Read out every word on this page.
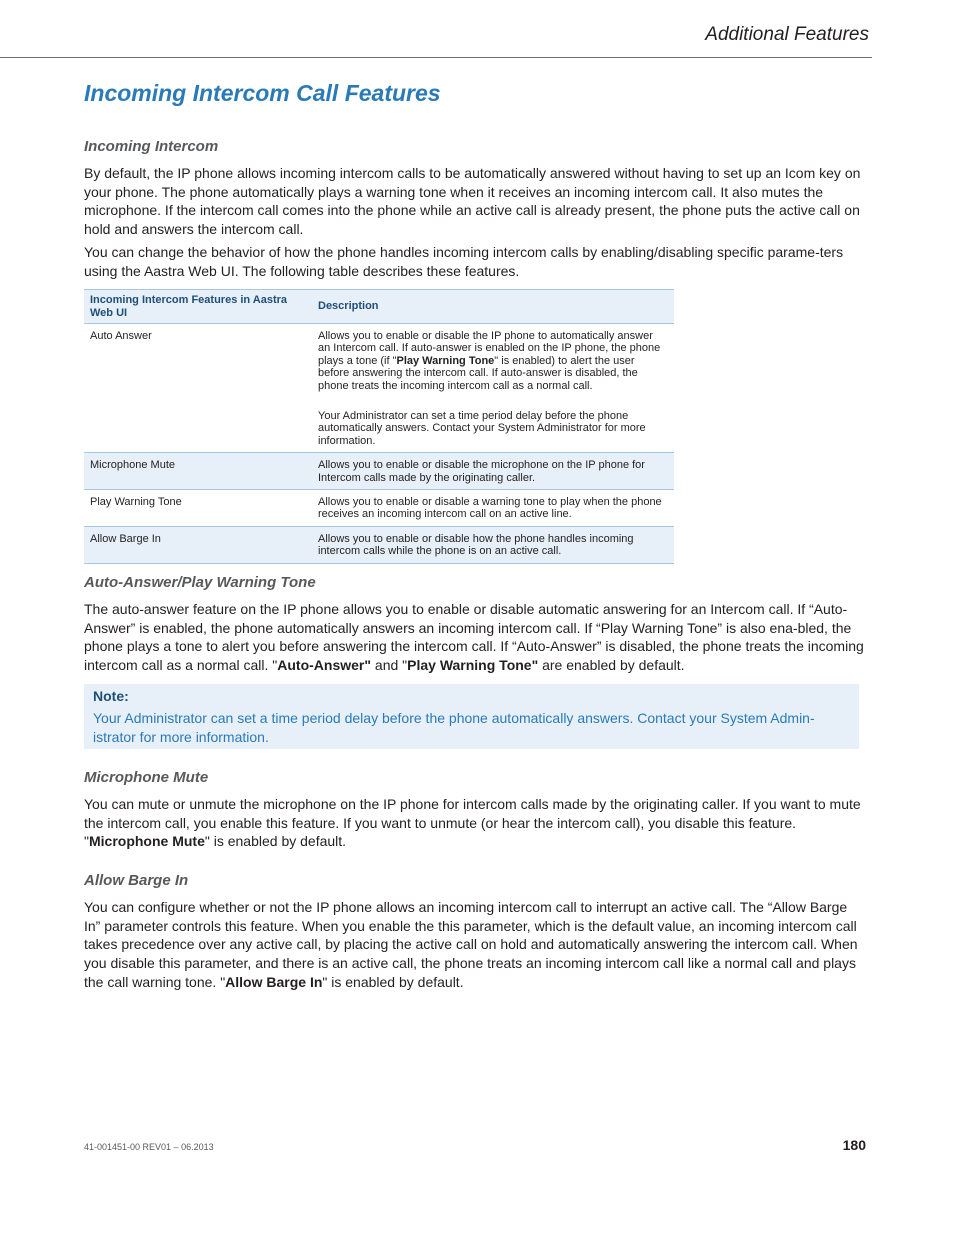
Additional Features
Incoming Intercom Call Features
Incoming Intercom

By default, the IP phone allows incoming intercom calls to be automatically answered without having to set up an Icom key on your phone. The phone automatically plays a warning tone when it receives an incoming intercom call. It also mutes the microphone. If the intercom call comes into the phone while an active call is already present, the phone puts the active call on hold and answers the intercom call.

You can change the behavior of how the phone handles incoming intercom calls by enabling/disabling specific parame-ters using the Aastra Web UI. The following table describes these features.

Incoming Intercom Features in Aastra Web UI	Description
Auto Answer	Allows you to enable or disable the IP phone to automatically answer an Intercom call. If auto-answer is enabled on the IP phone, the phone plays a tone (if "Play Warning Tone" is enabled) to alert the user before answering the intercom call. If auto-answer is disabled, the phone treats the incoming intercom call as a normal call.

Your Administrator can set a time period delay before the phone automatically answers. Contact your System Administrator for more information.

Microphone Mute	Allows you to enable or disable the microphone on the IP phone for Intercom calls made by the originating caller.
Play Warning Tone	Allows you to enable or disable a warning tone to play when the phone receives an incoming intercom call on an active line.
Allow Barge In	Allows you to enable or disable how the phone handles incoming intercom calls while the phone is on an active call.
Auto-Answer/Play Warning Tone

The auto-answer feature on the IP phone allows you to enable or disable automatic answering for an Intercom call. If “Auto-Answer” is enabled, the phone automatically answers an incoming intercom call. If “Play Warning Tone” is also ena-bled, the phone plays a tone to alert you before answering the intercom call. If “Auto-Answer” is disabled, the phone treats the incoming intercom call as a normal call. "Auto-Answer" and "Play Warning Tone" are enabled by default.

Note:

Your Administrator can set a time period delay before the phone automatically answers. Contact your System Admin-istrator for more information.

Microphone Mute

You can mute or unmute the microphone on the IP phone for intercom calls made by the originating caller. If you want to mute the intercom call, you enable this feature. If you want to unmute (or hear the intercom call), you disable this feature. "Microphone Mute" is enabled by default.

Allow Barge In

You can configure whether or not the IP phone allows an incoming intercom call to interrupt an active call. The “Allow Barge In” parameter controls this feature. When you enable the this parameter, which is the default value, an incoming intercom call takes precedence over any active call, by placing the active call on hold and automatically answering the intercom call. When you disable this parameter, and there is an active call, the phone treats an incoming intercom call like a normal call and plays the call warning tone. "Allow Barge In" is enabled by default.

41-001451-00 REV01 – 06.2013	180
